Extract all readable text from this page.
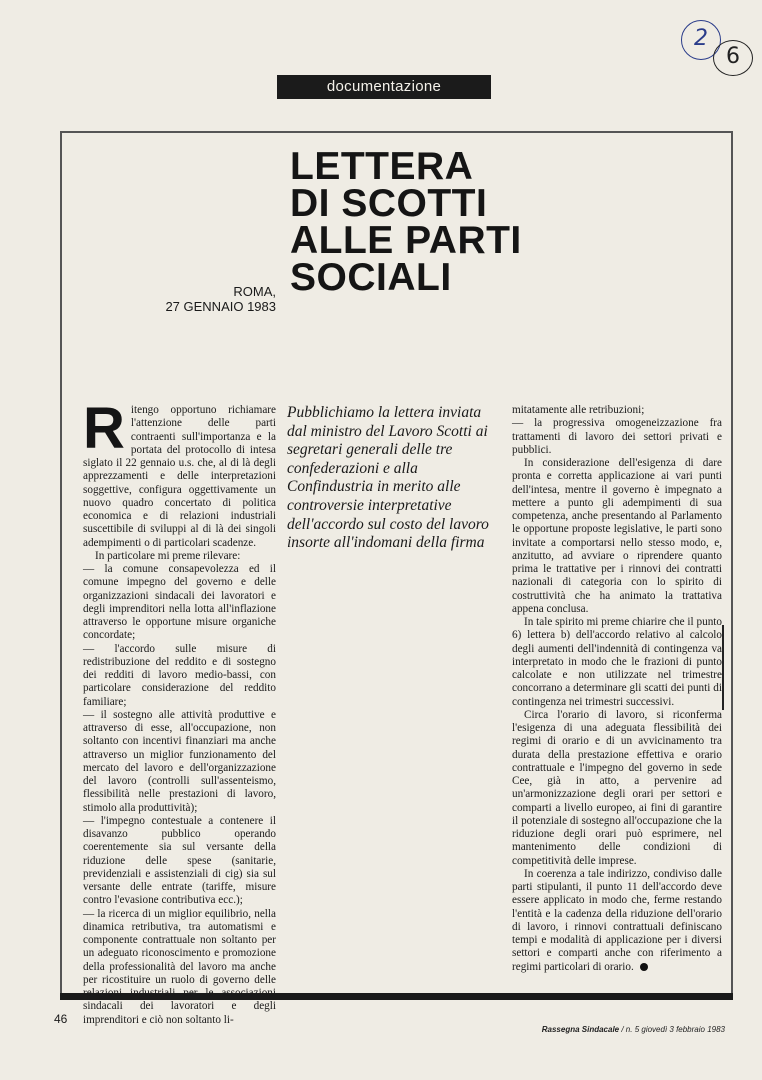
2
6
documentazione
LETTERA
DI SCOTTI
ALLE PARTI
SOCIALI
ROMA,
27 GENNAIO 1983

Ritengo opportuno richiamare l'attenzione delle parti contraenti sull'importanza e la portata del protocollo di intesa siglato il 22 gennaio u.s. che, al di là degli apprezzamenti e delle interpretazioni soggettive, configura oggettivamente un nuovo quadro concertato di politica economica e di relazioni industriali suscettibile di sviluppi al di là dei singoli adempimenti o di particolari scadenze.

In particolare mi preme rilevare:

— la comune consapevolezza ed il comune impegno del governo e delle organizzazioni sindacali dei lavoratori e degli imprenditori nella lotta all'inflazione attraverso le opportune misure organiche concordate;

— l'accordo sulle misure di redistribuzione del reddito e di sostegno dei redditi di lavoro medio-bassi, con particolare considerazione del reddito familiare;

— il sostegno alle attività produttive e attraverso di esse, all'occupazione, non soltanto con incentivi finanziari ma anche attraverso un miglior funzionamento del mercato del lavoro e dell'organizzazione del lavoro (controlli sull'assenteismo, flessibilità nelle prestazioni di lavoro, stimolo alla produttività);

— l'impegno contestuale a contenere il disavanzo pubblico operando coerentemente sia sul versante della riduzione delle spese (sanitarie, previdenziali e assistenziali di cig) sia sul versante delle entrate (tariffe, misure contro l'evasione contributiva ecc.);

— la ricerca di un miglior equilibrio, nella dinamica retributiva, tra automatismi e componente contrattuale non soltanto per un adeguato riconoscimento e promozione della professionalità del lavoro ma anche per ricostituire un ruolo di governo delle relazioni industriali per le associazioni sindacali dei lavoratori e degli imprenditori e ciò non soltanto li-

Pubblichiamo la lettera inviata dal ministro del Lavoro Scotti ai segretari generali delle tre confederazioni e alla Confindustria in merito alle controversie interpretative dell'accordo sul costo del lavoro insorte all'indomani della firma

mitatamente alle retribuzioni;

— la progressiva omogeneizzazione fra trattamenti di lavoro dei settori privati e pubblici.

In considerazione dell'esigenza di dare pronta e corretta applicazione ai vari punti dell'intesa, mentre il governo è impegnato a mettere a punto gli adempimenti di sua competenza, anche presentando al Parlamento le opportune proposte legislative, le parti sono invitate a comportarsi nello stesso modo, e, anzitutto, ad avviare o riprendere quanto prima le trattative per i rinnovi dei contratti nazionali di categoria con lo spirito di costruttività che ha animato la trattativa appena conclusa.

In tale spirito mi preme chiarire che il punto 6) lettera b) dell'accordo relativo al calcolo degli aumenti dell'indennità di contingenza va interpretato in modo che le frazioni di punto calcolate e non utilizzate nel trimestre concorrano a determinare gli scatti dei punti di contingenza nei trimestri successivi.

Circa l'orario di lavoro, si riconferma l'esigenza di una adeguata flessibilità dei regimi di orario e di un avvicinamento tra durata della prestazione effettiva e orario contrattuale e l'impegno del governo in sede Cee, già in atto, a pervenire ad un'armonizzazione degli orari per settori e comparti a livello europeo, ai fini di garantire il potenziale di sostegno all'occupazione che la riduzione degli orari può esprimere, nel mantenimento delle condizioni di competitività delle imprese.

In coerenza a tale indirizzo, condiviso dalle parti stipulanti, il punto 11 dell'accordo deve essere applicato in modo che, ferme restando l'entità e la cadenza della riduzione dell'orario di lavoro, i rinnovi contrattuali definiscano tempi e modalità di applicazione per i diversi settori e comparti anche con riferimento a regimi particolari di orario.

46
Rassegna Sindacale / n. 5 giovedì 3 febbraio 1983
